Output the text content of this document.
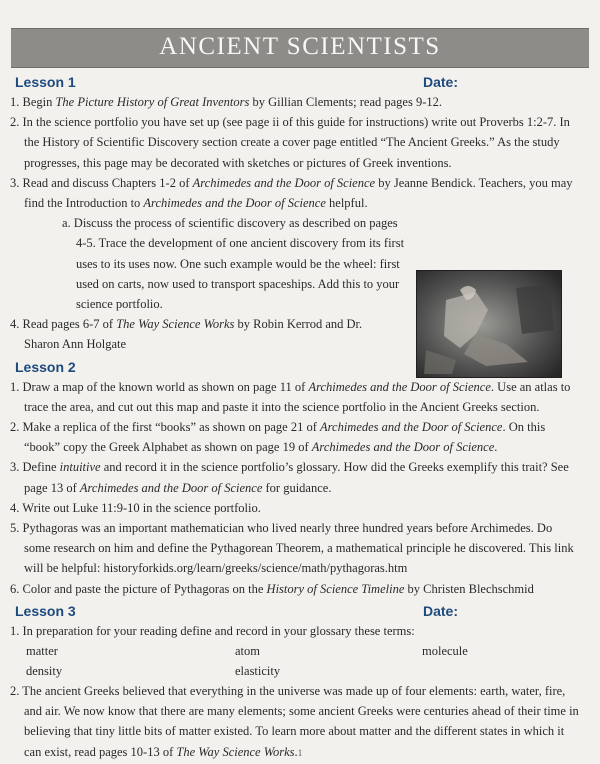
ANCIENT SCIENTISTS
Lesson 1	Date:
1. Begin The Picture History of Great Inventors by Gillian Clements; read pages 9-12.
2. In the science portfolio you have set up (see page ii of this guide for instructions) write out Proverbs 1:2-7. In the History of Scientific Discovery section create a cover page entitled “The Ancient Greeks.” As the study progresses, this page may be decorated with sketches or pictures of Greek inventions.
3. Read and discuss Chapters 1-2 of Archimedes and the Door of Science by Jeanne Bendick. Teachers, you may find the Introduction to Archimedes and the Door of Science helpful.
a. Discuss the process of scientific discovery as described on pages 4-5. Trace the development of one ancient discovery from its first uses to its uses now. One such example would be the wheel: first used on carts, now used to transport spaceships. Add this to your science portfolio.
4. Read pages 6-7 of The Way Science Works by Robin Kerrod and Dr. Sharon Ann Holgate
Lesson 2
1. Draw a map of the known world as shown on page 11 of Archimedes and the Door of Science. Use an atlas to trace the area, and cut out this map and paste it into the science portfolio in the Ancient Greeks section.
2. Make a replica of the first “books” as shown on page 21 of Archimedes and the Door of Science. On this “book” copy the Greek Alphabet as shown on page 19 of Archimedes and the Door of Science.
3. Define intuitive and record it in the science portfolio’s glossary. How did the Greeks exemplify this trait? See page 13 of Archimedes and the Door of Science for guidance.
4. Write out Luke 11:9-10 in the science portfolio.
5. Pythagoras was an important mathematician who lived nearly three hundred years before Archimedes. Do some research on him and define the Pythagorean Theorem, a mathematical principle he discovered. This link will be helpful: historyforkids.org/learn/greeks/science/math/pythagoras.htm
6. Color and paste the picture of Pythagoras on the History of Science Timeline by Christen Blechschmid
Lesson 3	Date:
1. In preparation for your reading define and record in your glossary these terms:
matter	atom	molecule
density	elasticity
2. The ancient Greeks believed that everything in the universe was made up of four elements: earth, water, fire, and air. We now know that there are many elements; some ancient Greeks were centuries ahead of their time in believing that tiny little bits of matter existed. To learn more about matter and the different states in which it can exist, read pages 10-13 of The Way Science Works. 1
